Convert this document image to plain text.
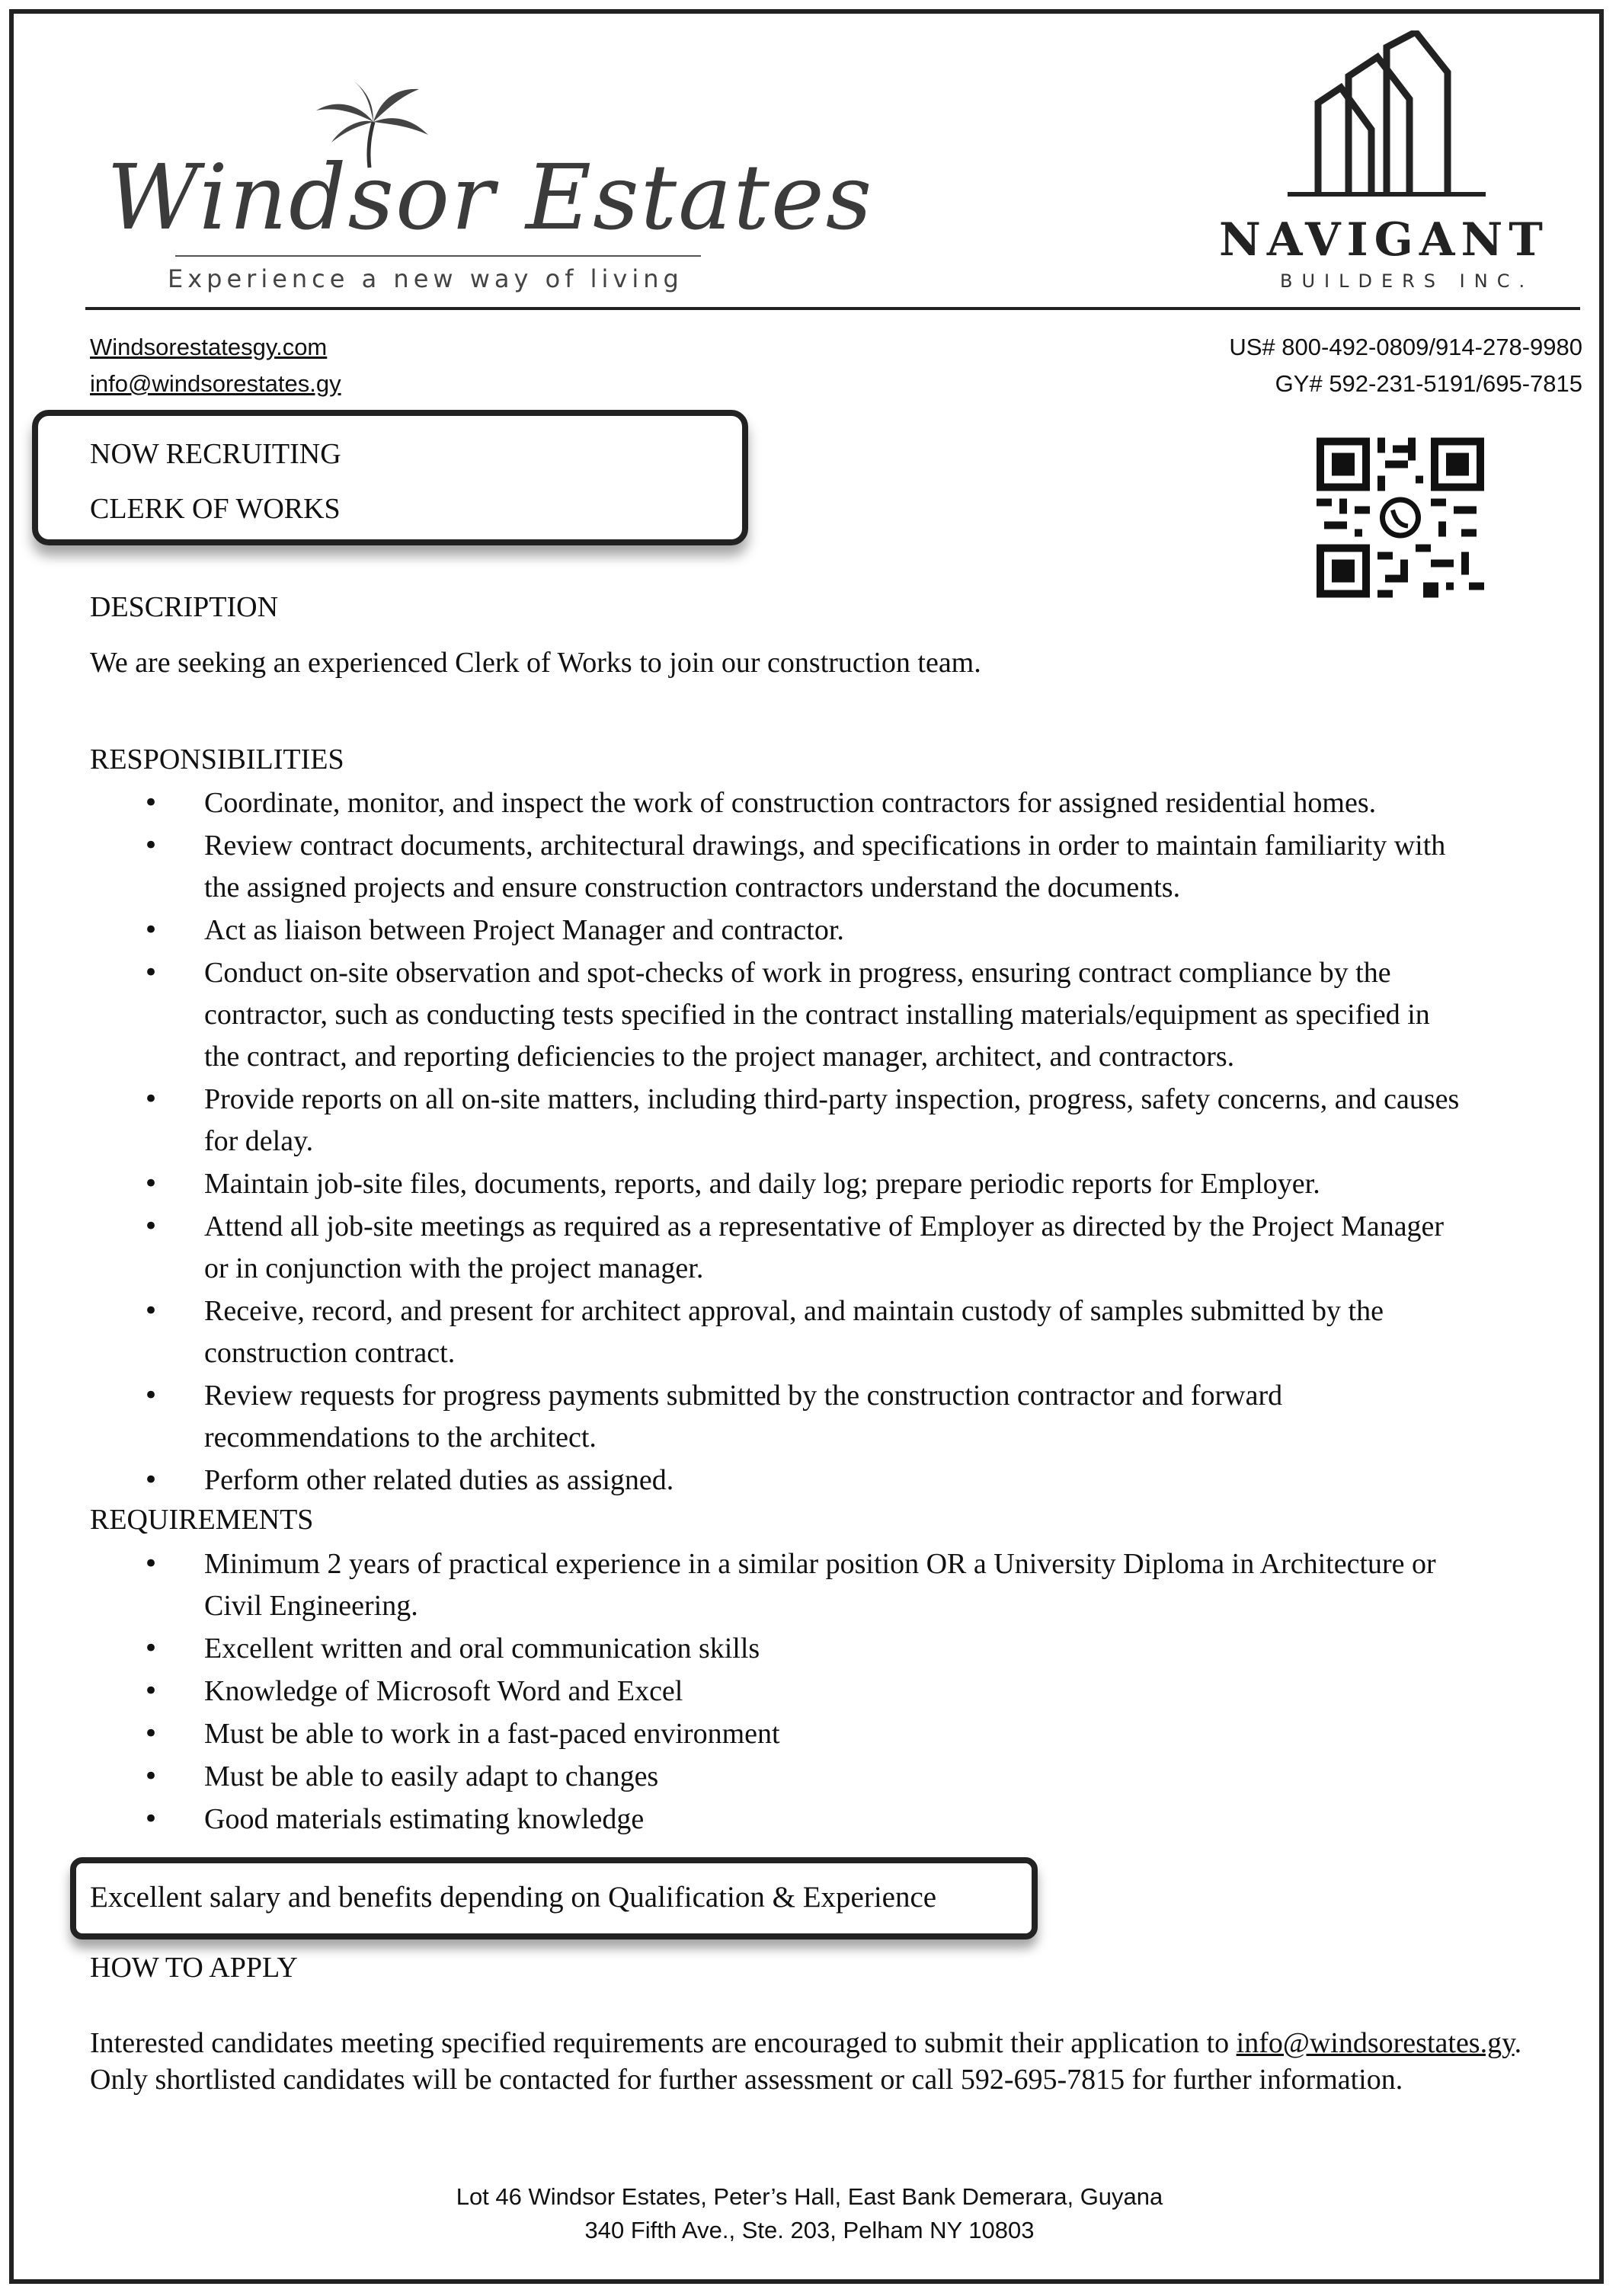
Windsor Estates
Experience a new way of living
NAVIGANT
BUILDERS INC.
Windsorestatesgy.com
info@windsorestates.gy
US# 800-492-0809/914-278-9980
GY# 592-231-5191/695-7815
NOW RECRUITING
CLERK OF WORKS
DESCRIPTION
We are seeking an experienced Clerk of Works to join our construction team.
RESPONSIBILITIES
• Coordinate, monitor, and inspect the work of construction contractors for assigned residential homes.
• Review contract documents, architectural drawings, and specifications in order to maintain familiarity with the assigned projects and ensure construction contractors understand the documents.
• Act as liaison between Project Manager and contractor.
• Conduct on-site observation and spot-checks of work in progress, ensuring contract compliance by the contractor, such as conducting tests specified in the contract installing materials/equipment as specified in the contract, and reporting deficiencies to the project manager, architect, and contractors.
• Provide reports on all on-site matters, including third-party inspection, progress, safety concerns, and causes for delay.
• Maintain job-site files, documents, reports, and daily log; prepare periodic reports for Employer.
• Attend all job-site meetings as required as a representative of Employer as directed by the Project Manager or in conjunction with the project manager.
• Receive, record, and present for architect approval, and maintain custody of samples submitted by the construction contract.
• Review requests for progress payments submitted by the construction contractor and forward recommendations to the architect.
• Perform other related duties as assigned.
REQUIREMENTS
• Minimum 2 years of practical experience in a similar position OR a University Diploma in Architecture or Civil Engineering.
• Excellent written and oral communication skills
• Knowledge of Microsoft Word and Excel
• Must be able to work in a fast-paced environment
• Must be able to easily adapt to changes
• Good materials estimating knowledge
Excellent salary and benefits depending on Qualification & Experience
HOW TO APPLY
Interested candidates meeting specified requirements are encouraged to submit their application to info@windsorestates.gy. Only shortlisted candidates will be contacted for further assessment or call 592-695-7815 for further information.
Lot 46 Windsor Estates, Peter’s Hall, East Bank Demerara, Guyana
340 Fifth Ave., Ste. 203, Pelham NY 10803
